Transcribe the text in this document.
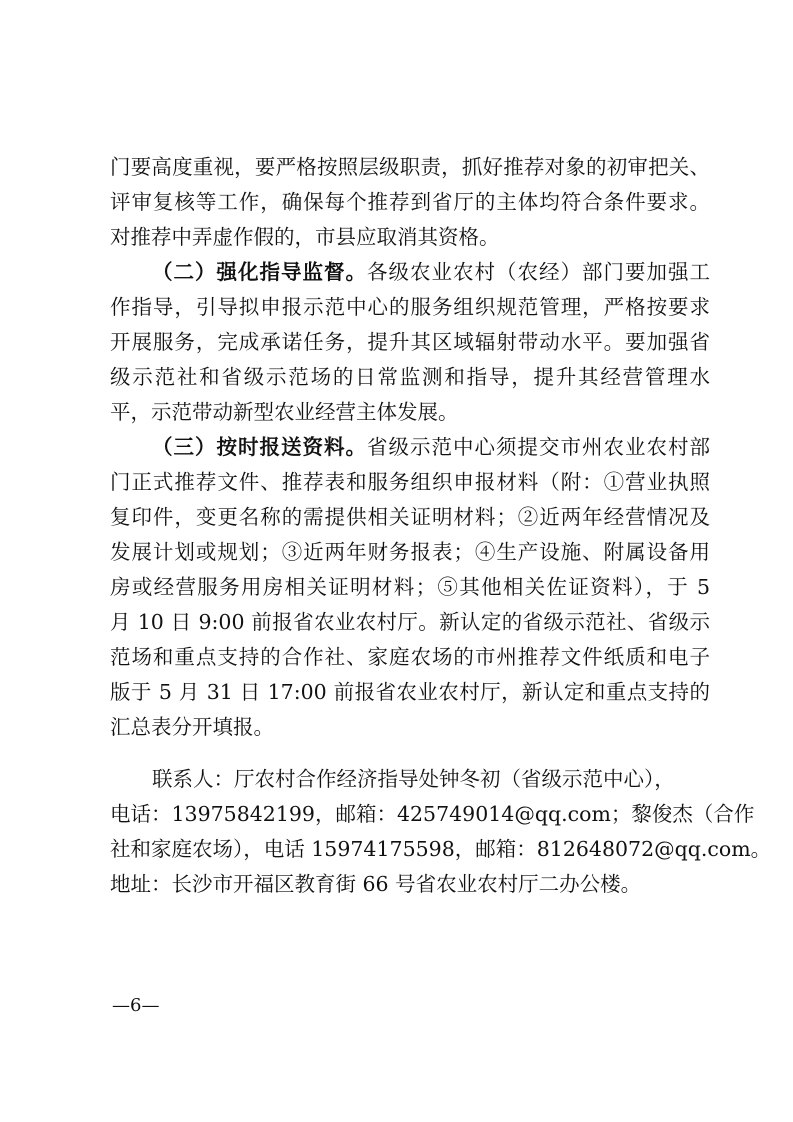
门要高度重视，要严格按照层级职责，抓好推荐对象的初审把关、
评审复核等工作，确保每个推荐到省厅的主体均符合条件要求。
对推荐中弄虚作假的，市县应取消其资格。

（二）强化指导监督。各级农业农村（农经）部门要加强工
作指导，引导拟申报示范中心的服务组织规范管理，严格按要求
开展服务，完成承诺任务，提升其区域辐射带动水平。要加强省
级示范社和省级示范场的日常监测和指导，提升其经营管理水
平，示范带动新型农业经营主体发展。

（三）按时报送资料。省级示范中心须提交市州农业农村部
门正式推荐文件、推荐表和服务组织申报材料（附：①营业执照
复印件，变更名称的需提供相关证明材料；②近两年经营情况及
发展计划或规划；③近两年财务报表；④生产设施、附属设备用
房或经营服务用房相关证明材料；⑤其他相关佐证资料），于 5
月 10 日 9:00 前报省农业农村厅。新认定的省级示范社、省级示
范场和重点支持的合作社、家庭农场的市州推荐文件纸质和电子
版于 5 月 31 日 17:00 前报省农业农村厅，新认定和重点支持的
汇总表分开填报。

联系人：厅农村合作经济指导处钟冬初（省级示范中心），
电话：13975842199，邮箱：425749014@qq.com；黎俊杰（合作
社和家庭农场），电话 15974175598，邮箱：812648072@qq.com。
地址：长沙市开福区教育街 66 号省农业农村厅二办公楼。

—6—
